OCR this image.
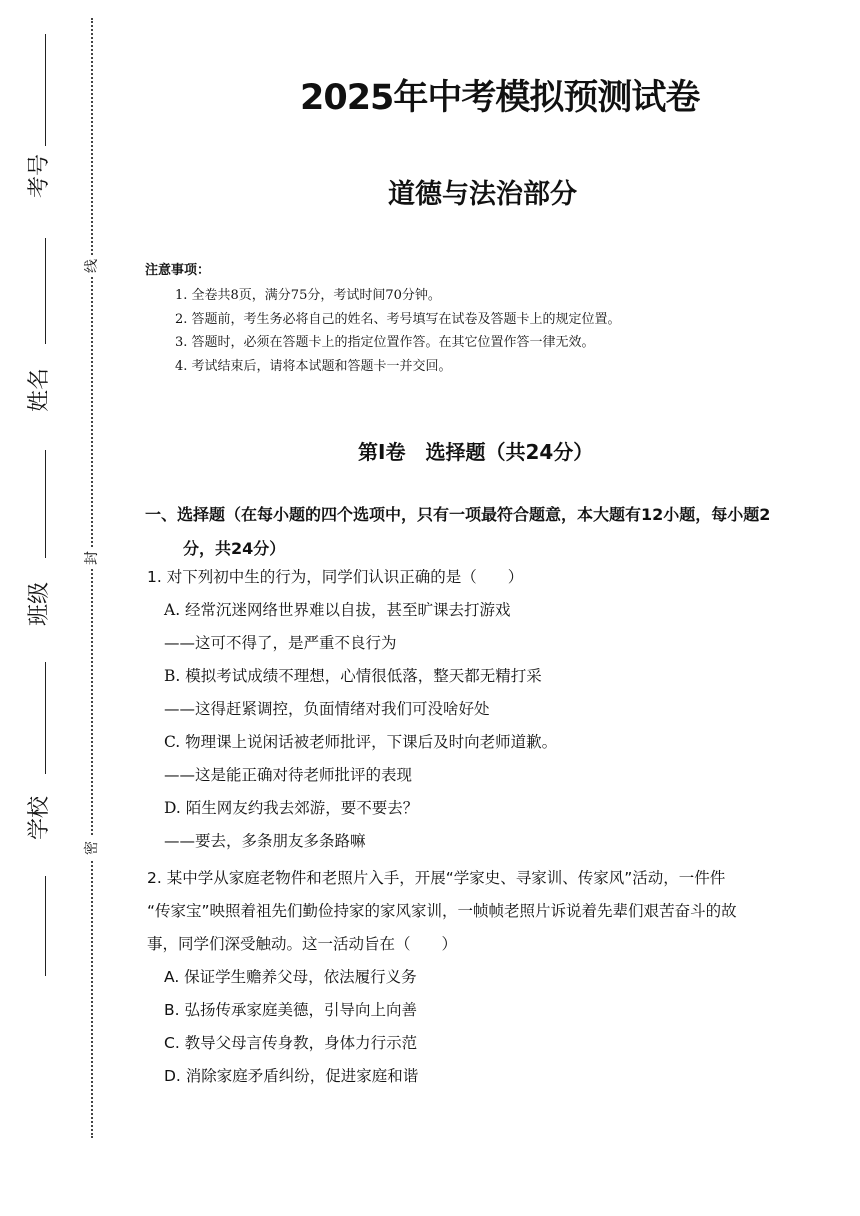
考号
姓名
班级
学校
线
封
密
2025年中考模拟预测试卷
道德与法治部分
注意事项：
1. 全卷共8页，满分75分，考试时间70分钟。
2. 答题前，考生务必将自己的姓名、考号填写在试卷及答题卡上的规定位置。
3. 答题时，必须在答题卡上的指定位置作答。在其它位置作答一律无效。
4. 考试结束后，请将本试题和答题卡一并交回。
第Ⅰ卷　选择题（共24分）
一、选择题（在每小题的四个选项中，只有一项最符合题意，本大题有12小题，每小题2
分，共24分）
1. 对下列初中生的行为，同学们认识正确的是（　　）
A. 经常沉迷网络世界难以自拔，甚至旷课去打游戏
——这可不得了，是严重不良行为
B. 模拟考试成绩不理想，心情很低落，整天都无精打采
——这得赶紧调控，负面情绪对我们可没啥好处
C. 物理课上说闲话被老师批评，下课后及时向老师道歉。
——这是能正确对待老师批评的表现
D. 陌生网友约我去郊游，要不要去？
——要去，多条朋友多条路嘛
2. 某中学从家庭老物件和老照片入手，开展“学家史、寻家训、传家风”活动，一件件
“传家宝”映照着祖先们勤俭持家的家风家训，一帧帧老照片诉说着先辈们艰苦奋斗的故
事，同学们深受触动。这一活动旨在（　　）
A. 保证学生赡养父母，依法履行义务
B. 弘扬传承家庭美德，引导向上向善
C. 教导父母言传身教，身体力行示范
D. 消除家庭矛盾纠纷，促进家庭和谐
